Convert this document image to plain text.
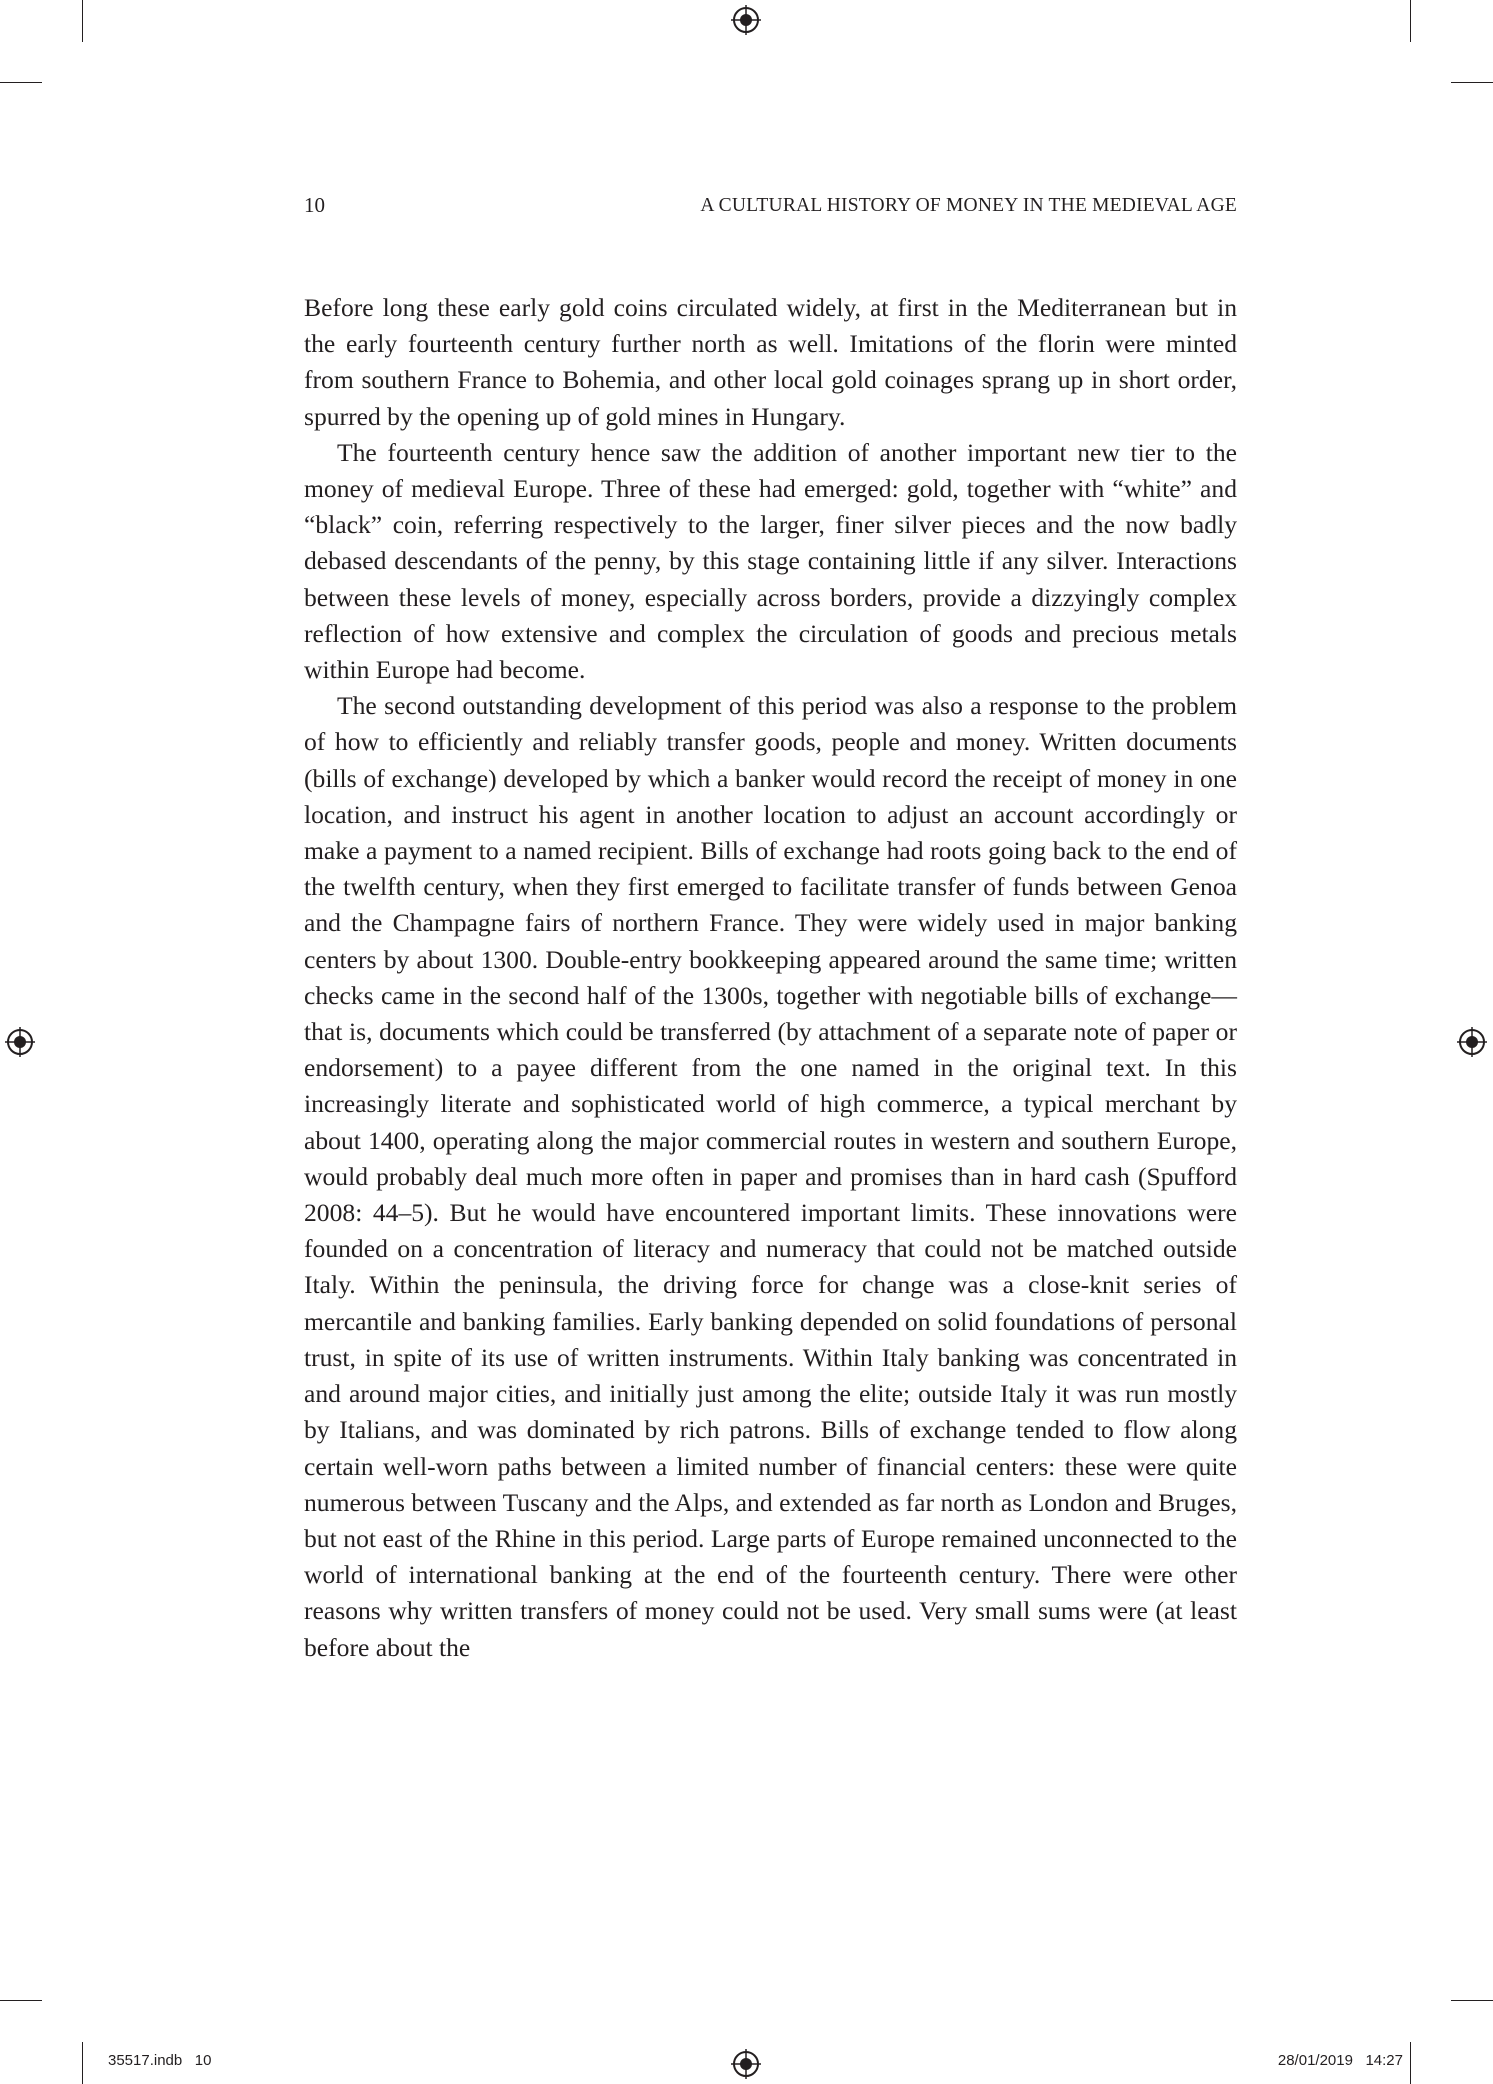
10	A CULTURAL HISTORY OF MONEY IN THE MEDIEVAL AGE

Before long these early gold coins circulated widely, at first in the Mediterranean but in the early fourteenth century further north as well. Imitations of the florin were minted from southern France to Bohemia, and other local gold coinages sprang up in short order, spurred by the opening up of gold mines in Hungary.

The fourteenth century hence saw the addition of another important new tier to the money of medieval Europe. Three of these had emerged: gold, together with “white” and “black” coin, referring respectively to the larger, finer silver pieces and the now badly debased descendants of the penny, by this stage containing little if any silver. Interactions between these levels of money, especially across borders, provide a dizzyingly complex reflection of how extensive and complex the circulation of goods and precious metals within Europe had become.

The second outstanding development of this period was also a response to the problem of how to efficiently and reliably transfer goods, people and money. Written documents (bills of exchange) developed by which a banker would record the receipt of money in one location, and instruct his agent in another location to adjust an account accordingly or make a payment to a named recipient. Bills of exchange had roots going back to the end of the twelfth century, when they first emerged to facilitate transfer of funds between Genoa and the Champagne fairs of northern France. They were widely used in major banking centers by about 1300. Double-entry bookkeeping appeared around the same time; written checks came in the second half of the 1300s, together with negotiable bills of exchange—that is, documents which could be transferred (by attachment of a separate note of paper or endorsement) to a payee different from the one named in the original text. In this increasingly literate and sophisticated world of high commerce, a typical merchant by about 1400, operating along the major commercial routes in western and southern Europe, would probably deal much more often in paper and promises than in hard cash (Spufford 2008: 44–5). But he would have encountered important limits. These innovations were founded on a concentration of literacy and numeracy that could not be matched outside Italy. Within the peninsula, the driving force for change was a close-knit series of mercantile and banking families. Early banking depended on solid foundations of personal trust, in spite of its use of written instruments. Within Italy banking was concentrated in and around major cities, and initially just among the elite; outside Italy it was run mostly by Italians, and was dominated by rich patrons. Bills of exchange tended to flow along certain well-worn paths between a limited number of financial centers: these were quite numerous between Tuscany and the Alps, and extended as far north as London and Bruges, but not east of the Rhine in this period. Large parts of Europe remained unconnected to the world of international banking at the end of the fourteenth century. There were other reasons why written transfers of money could not be used. Very small sums were (at least before about the

35517.indb   10	28/01/2019   14:27
